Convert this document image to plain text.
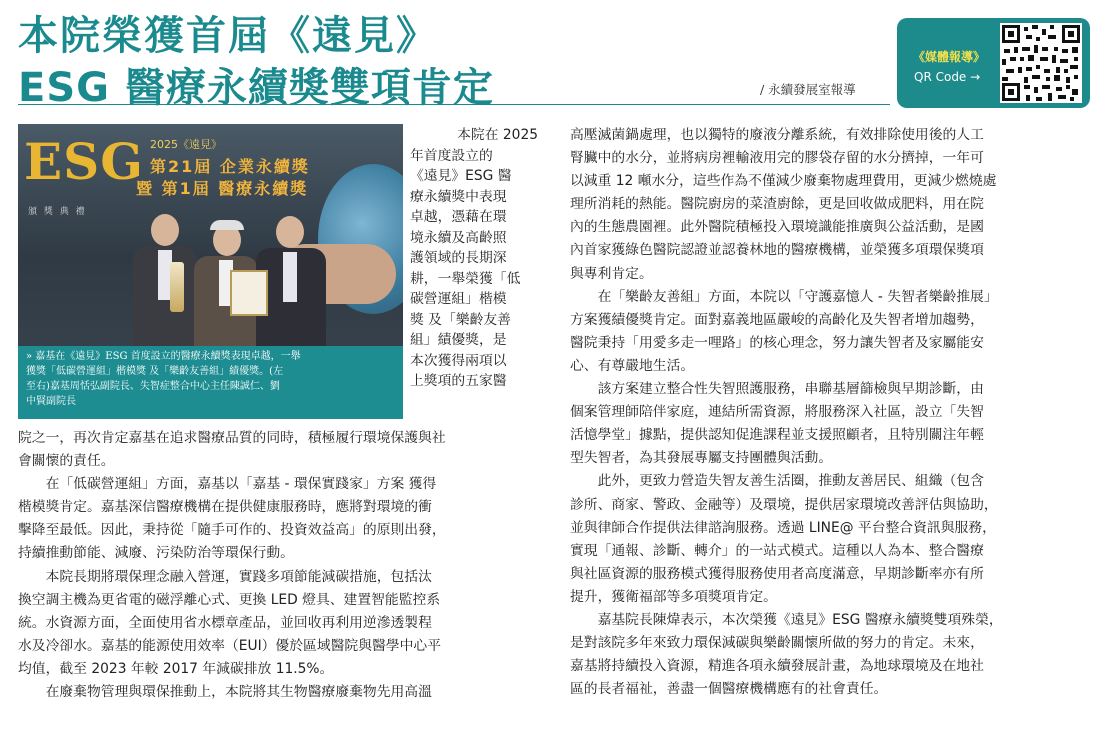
本院榮獲首屆《遠見》
ESG 醫療永續獎雙項肯定	/ 永續發展室報導
《媒體報導》
QR Code →
ESG 2025《遠見》
第21屆 企業永續獎
暨 第1屆 醫療永續獎
頒 獎 典 禮
» 嘉基在《遠見》ESG 首度設立的醫療永續獎表現卓越，一舉
獲獎「低碳營運組」楷模獎 及「樂齡友善組」績優獎。(左
至右)嘉基周恬弘副院長、失智症整合中心主任陳誠仁、劉
中賢副院長
本院在 2025
年首度設立的
《遠見》ESG 醫
療永續獎中表現
卓越，憑藉在環
境永續及高齡照
護領域的長期深
耕，一舉榮獲「低
碳營運組」楷模
獎 及「樂齡友善
組」績優獎，是
本次獲得兩項以
上獎項的五家醫
院之一，再次肯定嘉基在追求醫療品質的同時，積極履行環境保護與社
會關懷的責任。
　　在「低碳營運組」方面，嘉基以「嘉基 - 環保實踐家」方案 獲得
楷模獎肯定。嘉基深信醫療機構在提供健康服務時，應將對環境的衝
擊降至最低。因此，秉持從「隨手可作的、投資效益高」的原則出發，
持續推動節能、減廢、污染防治等環保行動。
　　本院長期將環保理念融入營運，實踐多項節能減碳措施，包括汰
換空調主機為更省電的磁浮離心式、更換 LED 燈具、建置智能監控系
統。水資源方面，全面使用省水標章產品，並回收再利用逆滲透製程
水及冷卻水。嘉基的能源使用效率（EUI）優於區域醫院與醫學中心平
均值，截至 2023 年較 2017 年減碳排放 11.5%。
　　在廢棄物管理與環保推動上，本院將其生物醫療廢棄物先用高溫
高壓滅菌鍋處理，也以獨特的廢液分離系統，有效排除使用後的人工
腎臟中的水分，並將病房裡輸液用完的膠袋存留的水分擠掉，一年可
以減重 12 噸水分，這些作為不僅減少廢棄物處理費用，更減少燃燒處
理所消耗的熱能。醫院廚房的菜渣廚餘，更是回收做成肥料，用在院
內的生態農園裡。此外醫院積極投入環境識能推廣與公益活動，是國
內首家獲綠色醫院認證並認養林地的醫療機構，並榮獲多項環保獎項
與專利肯定。
　　在「樂齡友善組」方面，本院以「守護嘉憶人 - 失智者樂齡推展」
方案獲績優獎肯定。面對嘉義地區嚴峻的高齡化及失智者增加趨勢，
醫院秉持「用愛多走一哩路」的核心理念，努力讓失智者及家屬能安
心、有尊嚴地生活。
　　該方案建立整合性失智照護服務，串聯基層篩檢與早期診斷，由
個案管理師陪伴家庭，連結所需資源，將服務深入社區，設立「失智
活憶學堂」據點，提供認知促進課程並支援照顧者，且特別關注年輕
型失智者，為其發展專屬支持團體與活動。
　　此外，更致力營造失智友善生活圈，推動友善居民、組織（包含
診所、商家、警政、金融等）及環境，提供居家環境改善評估與協助，
並與律師合作提供法律諮詢服務。透過 LINE@ 平台整合資訊與服務，
實現「通報、診斷、轉介」的一站式模式。這種以人為本、整合醫療
與社區資源的服務模式獲得服務使用者高度滿意，早期診斷率亦有所
提升，獲衛福部等多項獎項肯定。
　　嘉基院長陳煒表示，本次榮獲《遠見》ESG 醫療永續獎雙項殊榮，
是對該院多年來致力環保減碳與樂齡關懷所做的努力的肯定。未來，
嘉基將持續投入資源，精進各項永續發展計畫，為地球環境及在地社
區的長者福祉，善盡一個醫療機構應有的社會責任。
